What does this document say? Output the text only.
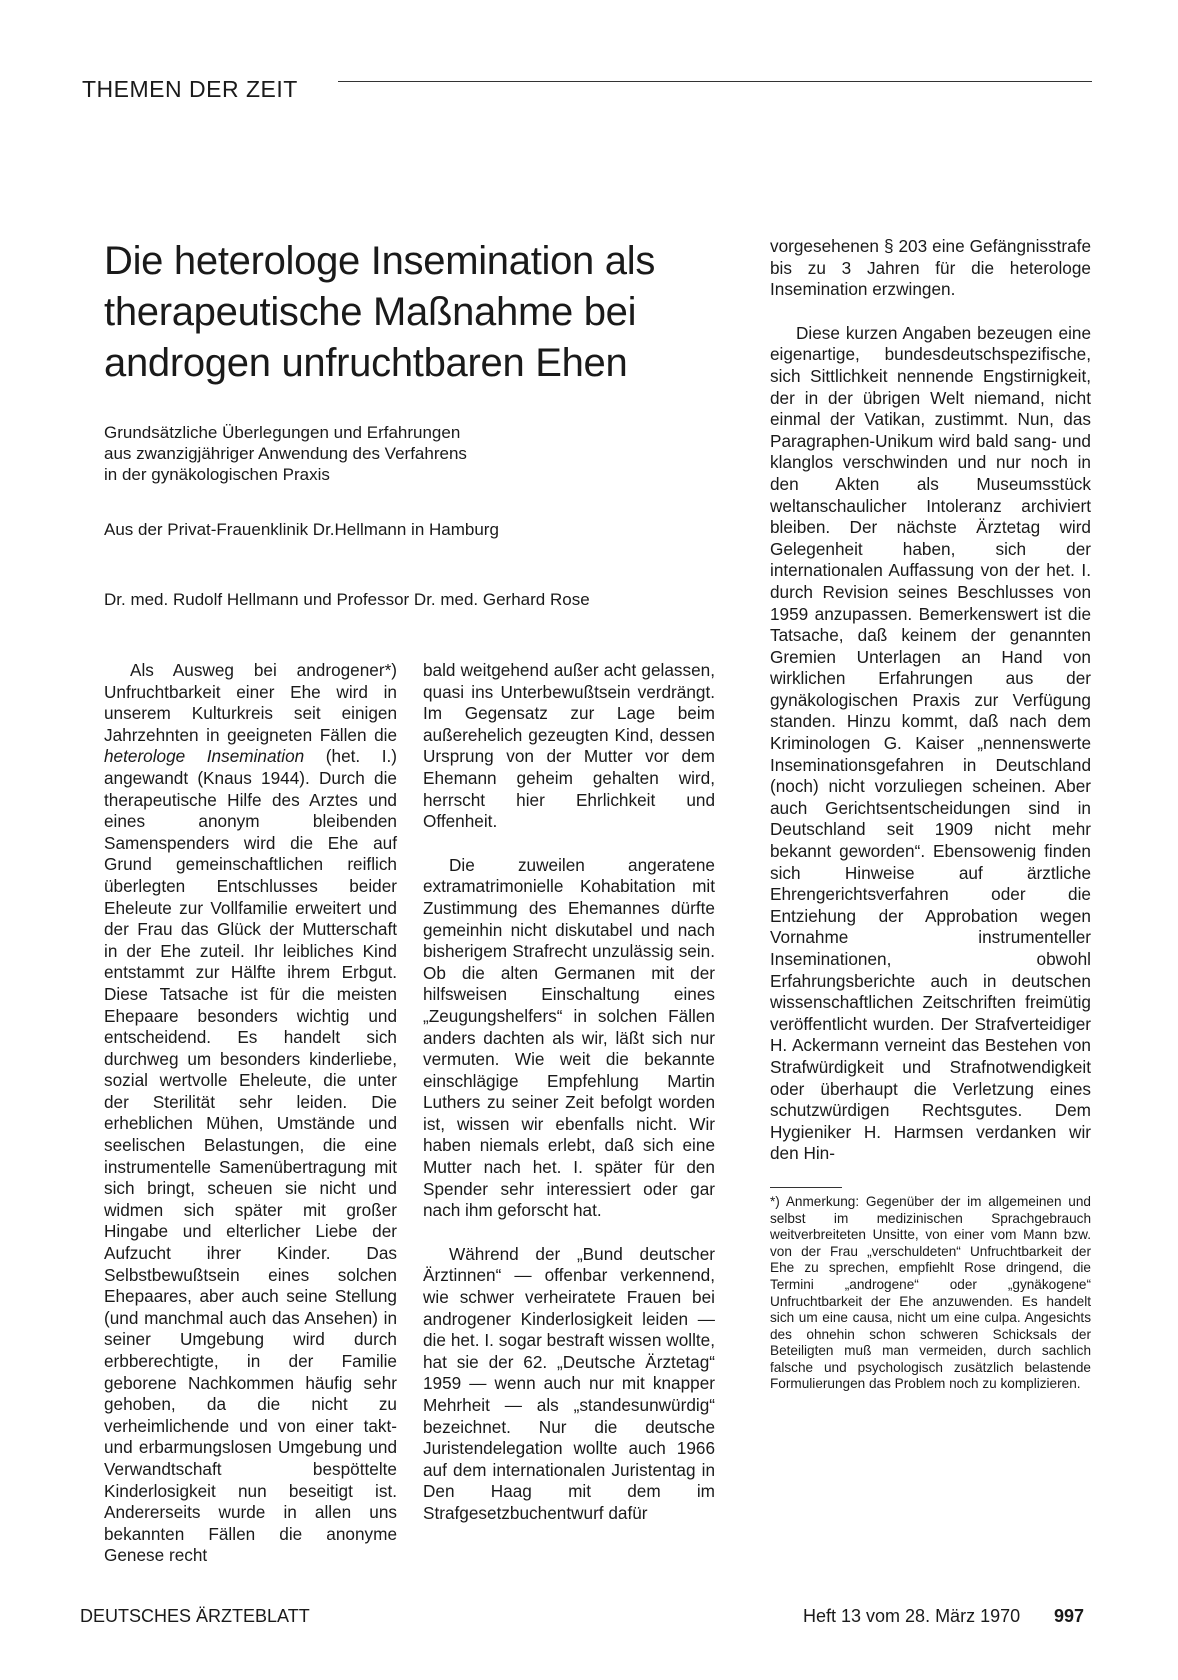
THEMEN DER ZEIT
Die heterologe Insemination als
therapeutische Maßnahme bei
androgen unfruchtbaren Ehen
Grundsätzliche Überlegungen und Erfahrungen
aus zwanzigjähriger Anwendung des Verfahrens
in der gynäkologischen Praxis
Aus der Privat-Frauenklinik Dr.Hellmann in Hamburg
Dr. med. Rudolf Hellmann und Professor Dr. med. Gerhard Rose

Als Ausweg bei androgener*) Unfruchtbarkeit einer Ehe wird in unserem Kulturkreis seit einigen Jahrzehnten in geeigneten Fällen die heterologe Insemination (het. I.) angewandt (Knaus 1944). Durch die therapeutische Hilfe des Arztes und eines anonym bleibenden Samenspenders wird die Ehe auf Grund gemeinschaftlichen reiflich überlegten Entschlusses beider Eheleute zur Vollfamilie erweitert und der Frau das Glück der Mutterschaft in der Ehe zuteil. Ihr leibliches Kind entstammt zur Hälfte ihrem Erbgut. Diese Tatsache ist für die meisten Ehepaare besonders wichtig und entscheidend. Es handelt sich durchweg um besonders kinderliebe, sozial wertvolle Eheleute, die unter der Sterilität sehr leiden. Die erheblichen Mühen, Umstände und seelischen Belastungen, die eine instrumentelle Samenübertragung mit sich bringt, scheuen sie nicht und widmen sich später mit großer Hingabe und elterlicher Liebe der Aufzucht ihrer Kinder. Das Selbstbewußtsein eines solchen Ehepaares, aber auch seine Stellung (und manchmal auch das Ansehen) in seiner Umgebung wird durch erbberechtigte, in der Familie geborene Nachkommen häufig sehr gehoben, da die nicht zu verheimlichende und von einer takt- und erbarmungslosen Umgebung und Verwandtschaft bespöttelte Kinderlosigkeit nun beseitigt ist. Andererseits wurde in allen uns bekannten Fällen die anonyme Genese recht

bald weitgehend außer acht gelassen, quasi ins Unterbewußtsein verdrängt. Im Gegensatz zur Lage beim außerehelich gezeugten Kind, dessen Ursprung von der Mutter vor dem Ehemann geheim gehalten wird, herrscht hier Ehrlichkeit und Offenheit.

Die zuweilen angeratene extramatrimonielle Kohabitation mit Zustimmung des Ehemannes dürfte gemeinhin nicht diskutabel und nach bisherigem Strafrecht unzulässig sein. Ob die alten Germanen mit der hilfsweisen Einschaltung eines „Zeugungshelfers“ in solchen Fällen anders dachten als wir, läßt sich nur vermuten. Wie weit die bekannte einschlägige Empfehlung Martin Luthers zu seiner Zeit befolgt worden ist, wissen wir ebenfalls nicht. Wir haben niemals erlebt, daß sich eine Mutter nach het. I. später für den Spender sehr interessiert oder gar nach ihm geforscht hat.

Während der „Bund deutscher Ärztinnen“ — offenbar verkennend, wie schwer verheiratete Frauen bei androgener Kinderlosigkeit leiden — die het. I. sogar bestraft wissen wollte, hat sie der 62. „Deutsche Ärztetag“ 1959 — wenn auch nur mit knapper Mehrheit — als „standesunwürdig“ bezeichnet. Nur die deutsche Juristendelegation wollte auch 1966 auf dem internationalen Juristentag in Den Haag mit dem im Strafgesetzbuchentwurf dafür

vorgesehenen § 203 eine Gefängnisstrafe bis zu 3 Jahren für die heterologe Insemination erzwingen.

Diese kurzen Angaben bezeugen eine eigenartige, bundesdeutschspezifische, sich Sittlichkeit nennende Engstirnigkeit, der in der übrigen Welt niemand, nicht einmal der Vatikan, zustimmt. Nun, das Paragraphen-Unikum wird bald sang- und klanglos verschwinden und nur noch in den Akten als Museumsstück weltanschaulicher Intoleranz archiviert bleiben. Der nächste Ärztetag wird Gelegenheit haben, sich der internationalen Auffassung von der het. I. durch Revision seines Beschlusses von 1959 anzupassen. Bemerkenswert ist die Tatsache, daß keinem der genannten Gremien Unterlagen an Hand von wirklichen Erfahrungen aus der gynäkologischen Praxis zur Verfügung standen. Hinzu kommt, daß nach dem Kriminologen G. Kaiser „nennenswerte Inseminationsgefahren in Deutschland (noch) nicht vorzuliegen scheinen. Aber auch Gerichtsentscheidungen sind in Deutschland seit 1909 nicht mehr bekannt geworden“. Ebensowenig finden sich Hinweise auf ärztliche Ehrengerichtsverfahren oder die Entziehung der Approbation wegen Vornahme instrumenteller Inseminationen, obwohl Erfahrungsberichte auch in deutschen wissenschaftlichen Zeitschriften freimütig veröffentlicht wurden. Der Strafverteidiger H. Ackermann verneint das Bestehen von Strafwürdigkeit und Strafnotwendigkeit oder überhaupt die Verletzung eines schutzwürdigen Rechtsgutes. Dem Hygieniker H. Harmsen verdanken wir den Hin-

*) Anmerkung: Gegenüber der im allgemeinen und selbst im medizinischen Sprachgebrauch weitverbreiteten Unsitte, von einer vom Mann bzw. von der Frau „verschuldeten“ Unfruchtbarkeit der Ehe zu sprechen, empfiehlt Rose dringend, die Termini „androgene“ oder „gynäkogene“ Unfruchtbarkeit der Ehe anzuwenden. Es handelt sich um eine causa, nicht um eine culpa. Angesichts des ohnehin schon schweren Schicksals der Beteiligten muß man vermeiden, durch sachlich falsche und psychologisch zusätzlich belastende Formulierungen das Problem noch zu komplizieren.
DEUTSCHES ÄRZTEBLATT	Heft 13 vom 28. März 1970 997
